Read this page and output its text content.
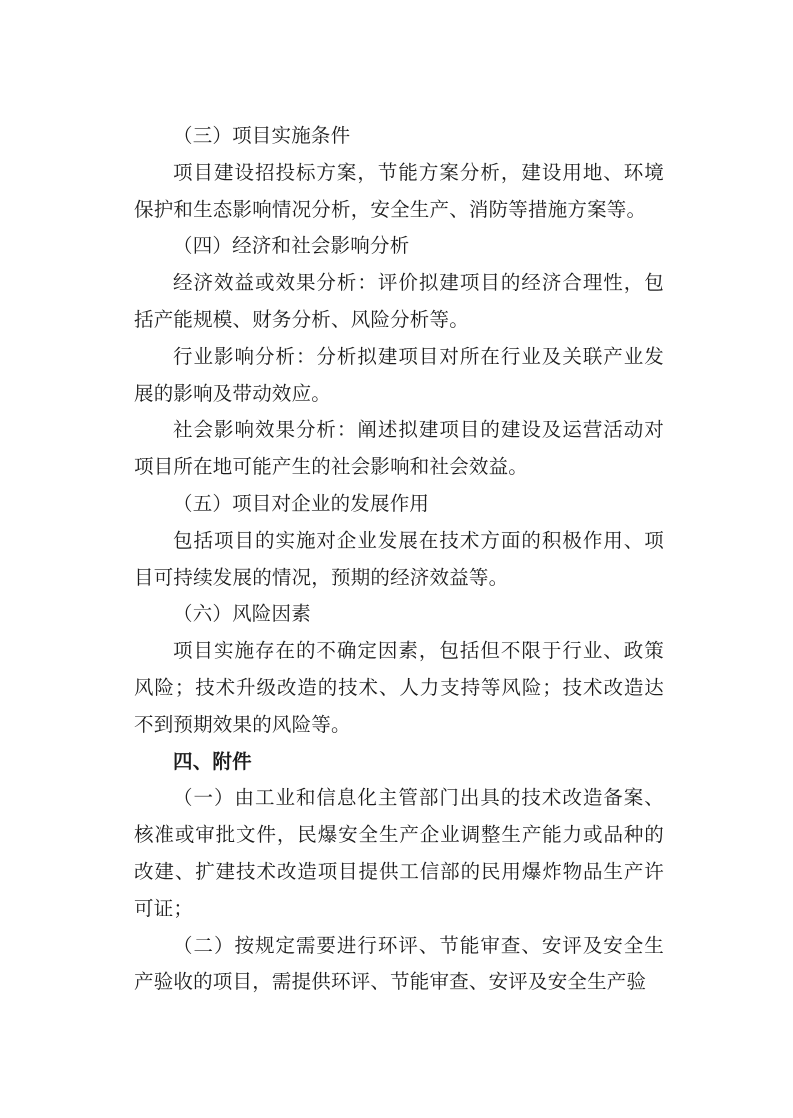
（三）项目实施条件

项目建设招投标方案，节能方案分析，建设用地、环境保护和生态影响情况分析，安全生产、消防等措施方案等。

（四）经济和社会影响分析

经济效益或效果分析：评价拟建项目的经济合理性，包括产能规模、财务分析、风险分析等。

行业影响分析：分析拟建项目对所在行业及关联产业发展的影响及带动效应。

社会影响效果分析：阐述拟建项目的建设及运营活动对项目所在地可能产生的社会影响和社会效益。

（五）项目对企业的发展作用

包括项目的实施对企业发展在技术方面的积极作用、项目可持续发展的情况，预期的经济效益等。

（六）风险因素

项目实施存在的不确定因素，包括但不限于行业、政策风险；技术升级改造的技术、人力支持等风险；技术改造达不到预期效果的风险等。

四、附件

（一）由工业和信息化主管部门出具的技术改造备案、核准或审批文件，民爆安全生产企业调整生产能力或品种的改建、扩建技术改造项目提供工信部的民用爆炸物品生产许可证；

（二）按规定需要进行环评、节能审查、安评及安全生产验收的项目，需提供环评、节能审查、安评及安全生产验
